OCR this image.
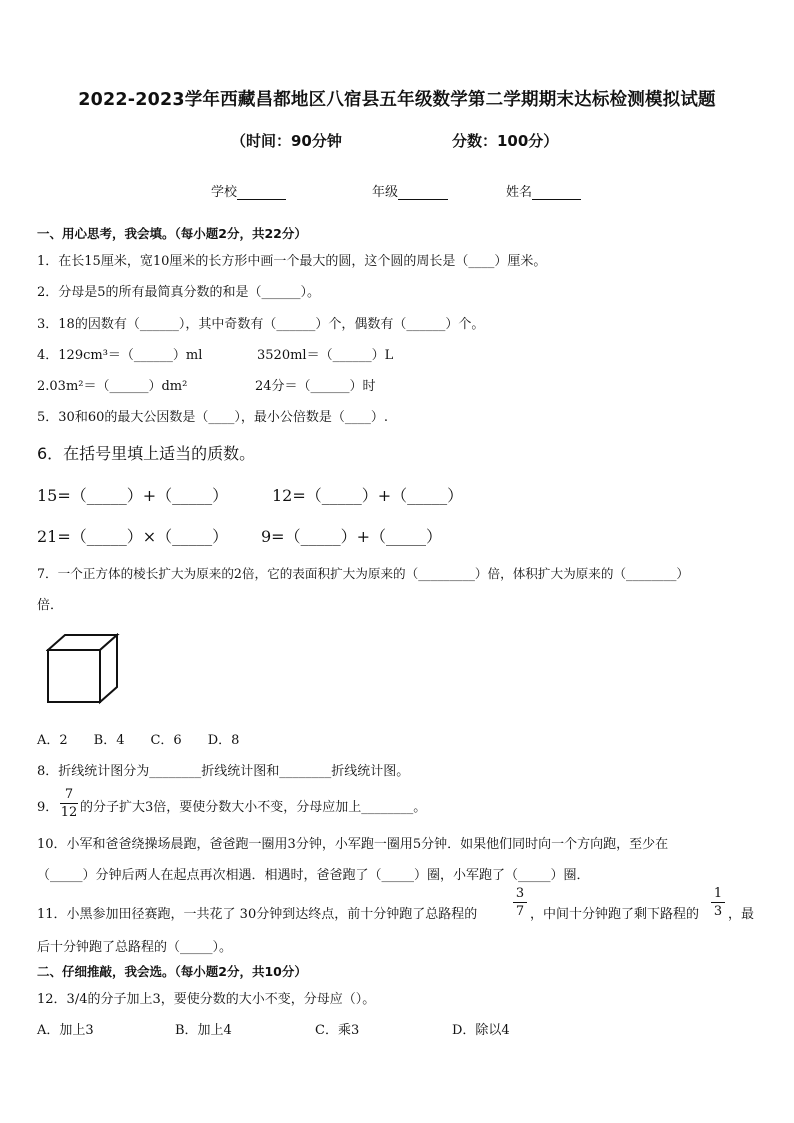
2022-2023学年西藏昌都地区八宿县五年级数学第二学期期末达标检测模拟试题
（时间：90分钟	分数：100分）
学校	年级	姓名
一、用心思考，我会填。（每小题2分，共22分）
1．在长15厘米，宽10厘米的长方形中画一个最大的圆，这个圆的周长是（____）厘米。
2．分母是5的所有最简真分数的和是（______）。
3．18的因数有（______），其中奇数有（______）个，偶数有（______）个。
4．129cm³＝（______）ml	3520ml＝（______）L
2.03m²＝（______）dm²	24分＝（______）时
5．30和60的最大公因数是（____），最小公倍数是（____）.
6．在括号里填上适当的质数。
15=（_____）+（_____）	12=（_____）+（_____）
21=（_____）×（_____） 9=（_____）+（_____）
7．一个正方体的棱长扩大为原来的2倍，它的表面积扩大为原来的（_________）倍，体积扩大为原来的（________）
倍．
A．2　　B．4　　C．6　　D．8
8．折线统计图分为________折线统计图和________折线统计图。
9．
7
12 的分子扩大3倍，要使分数大小不变，分母应加上________。
10．小军和爸爸绕操场晨跑，爸爸跑一圈用3分钟，小军跑一圈用5分钟．如果他们同时向一个方向跑，至少在
（_____）分钟后两人在起点再次相遇．相遇时，爸爸跑了（_____）圈，小军跑了（_____）圈．
11．小黑参加田径赛跑，一共花了 30分钟到达终点，前十分钟跑了总路程的
3
7 ，中间十分钟跑了剩下路程的
1
3 ，最
后十分钟跑了总路程的（_____）。
二、仔细推敲，我会选。（每小题2分，共10分）
12．3/4的分子加上3，要使分数的大小不变，分母应（）。
A．加上3	B．加上4	C．乘3	D．除以4
